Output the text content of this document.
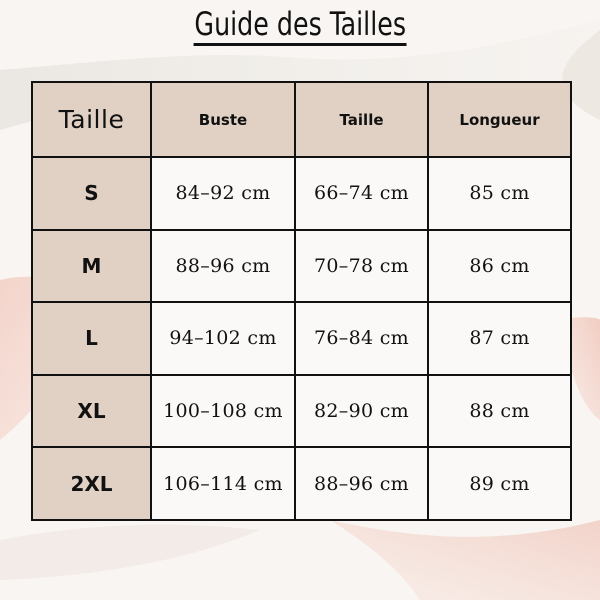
Guide des Tailles
Taille	Buste	Taille	Longueur
S	84–92 cm	66–74 cm	85 cm
M	88–96 cm	70–78 cm	86 cm
L	94–102 cm	76–84 cm	87 cm
XL	100–108 cm	82–90 cm	88 cm
2XL	106–114 cm	88–96 cm	89 cm
